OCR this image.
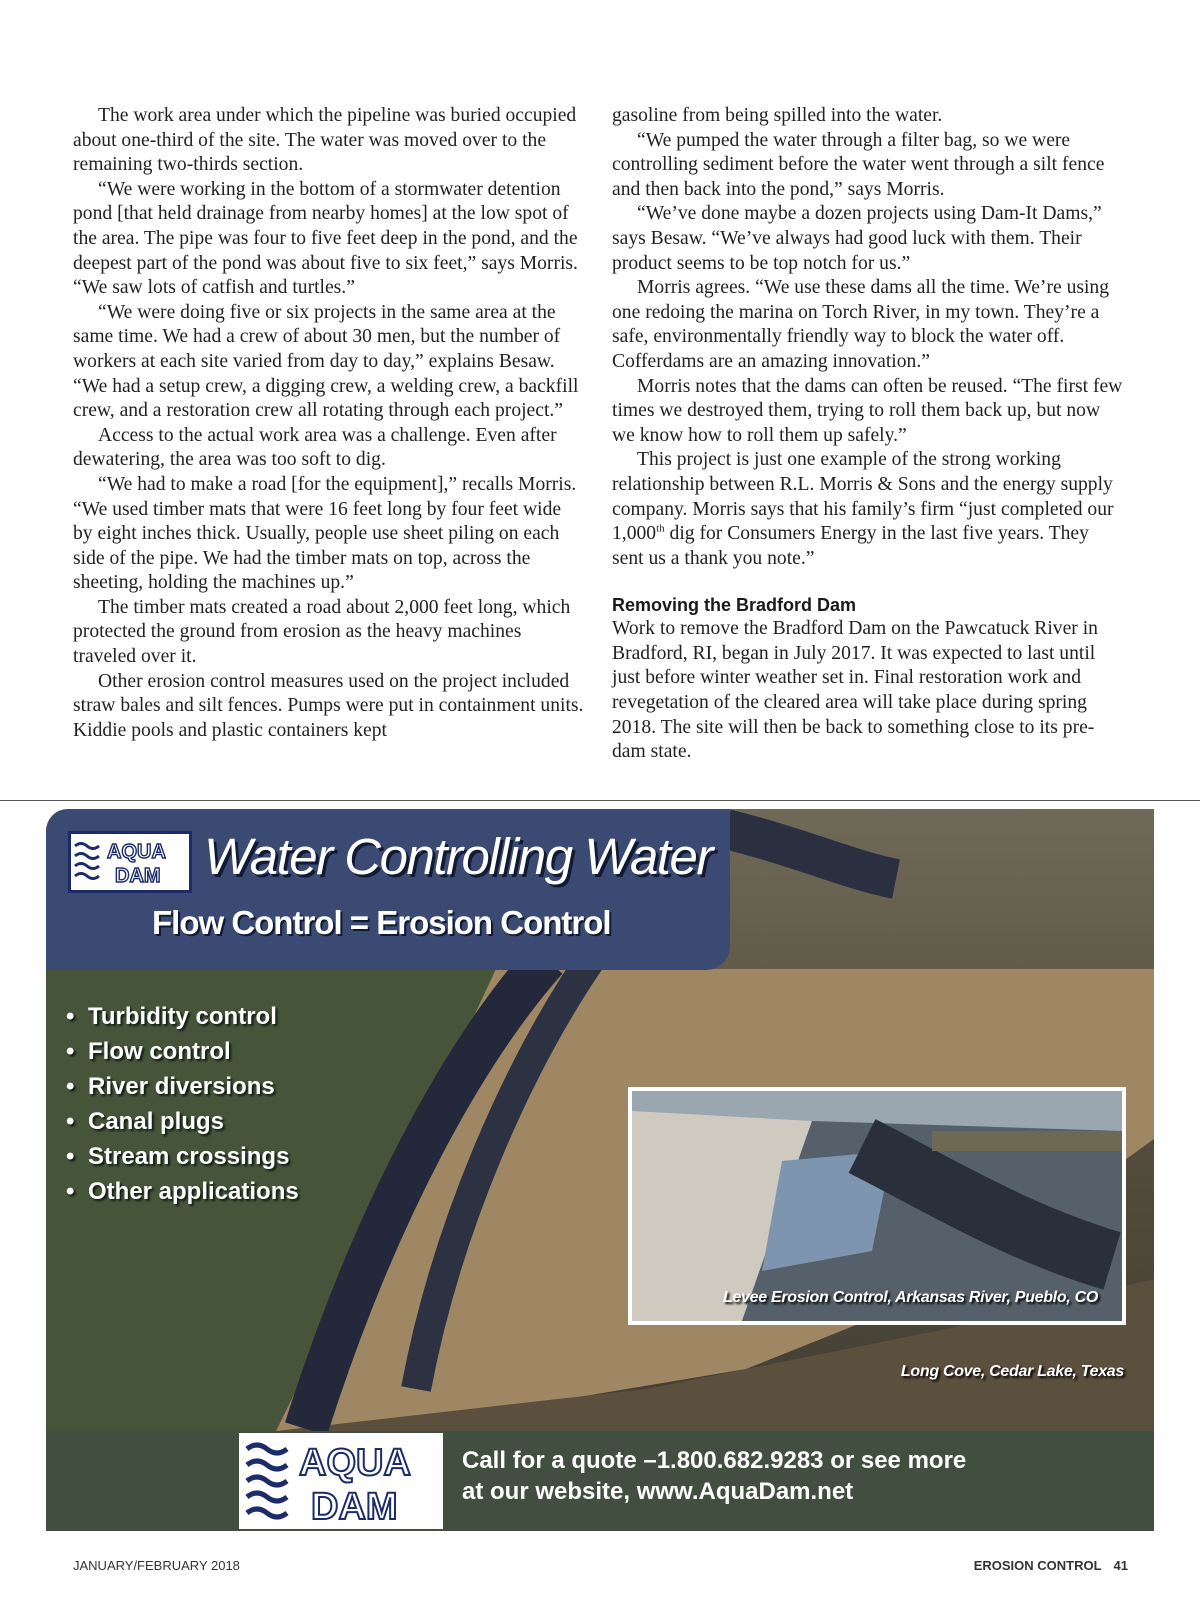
The work area under which the pipeline was buried occupied about one-third of the site. The water was moved over to the remaining two-thirds section.

“We were working in the bottom of a stormwater detention pond [that held drainage from nearby homes] at the low spot of the area. The pipe was four to five feet deep in the pond, and the deepest part of the pond was about five to six feet,” says Morris. “We saw lots of catfish and turtles.”

“We were doing five or six projects in the same area at the same time. We had a crew of about 30 men, but the number of workers at each site varied from day to day,” explains Besaw. “We had a setup crew, a digging crew, a welding crew, a backfill crew, and a restoration crew all rotating through each project.”

Access to the actual work area was a challenge. Even after dewatering, the area was too soft to dig.

“We had to make a road [for the equipment],” recalls Morris. “We used timber mats that were 16 feet long by four feet wide by eight inches thick. Usually, people use sheet piling on each side of the pipe. We had the timber mats on top, across the sheeting, holding the machines up.”

The timber mats created a road about 2,000 feet long, which protected the ground from erosion as the heavy machines traveled over it.

Other erosion control measures used on the project included straw bales and silt fences. Pumps were put in containment units. Kiddie pools and plastic containers kept

gasoline from being spilled into the water.

“We pumped the water through a filter bag, so we were controlling sediment before the water went through a silt fence and then back into the pond,” says Morris.

“We’ve done maybe a dozen projects using Dam-It Dams,” says Besaw. “We’ve always had good luck with them. Their product seems to be top notch for us.”

Morris agrees. “We use these dams all the time. We’re using one redoing the marina on Torch River, in my town. They’re a safe, environmentally friendly way to block the water off. Cofferdams are an amazing innovation.”

Morris notes that the dams can often be reused. “The first few times we destroyed them, trying to roll them back up, but now we know how to roll them up safely.”

This project is just one example of the strong working relationship between R.L. Morris & Sons and the energy supply company. Morris says that his family’s firm “just completed our 1,000th dig for Consumers Energy in the last five years. They sent us a thank you note.”

Removing the Bradford Dam

Work to remove the Bradford Dam on the Pawcatuck River in Bradford, RI, began in July 2017. It was expected to last until just before winter weather set in. Final restoration work and revegetation of the cleared area will take place during spring 2018. The site will then be back to something close to its pre-dam state.

AQUA
DAM Water Controlling Water
Flow Control = Erosion Control
• Turbidity control
• Flow control
• River diversions
• Canal plugs
• Stream crossings
• Other applications
Levee Erosion Control, Arkansas River, Pueblo, CO
Long Cove, Cedar Lake, Texas
AQUA
DAM
Call for a quote –1.800.682.9283 or see more
at our website, www.AquaDam.net
JANUARY/FEBRUARY 2018	EROSION CONTROL 41
